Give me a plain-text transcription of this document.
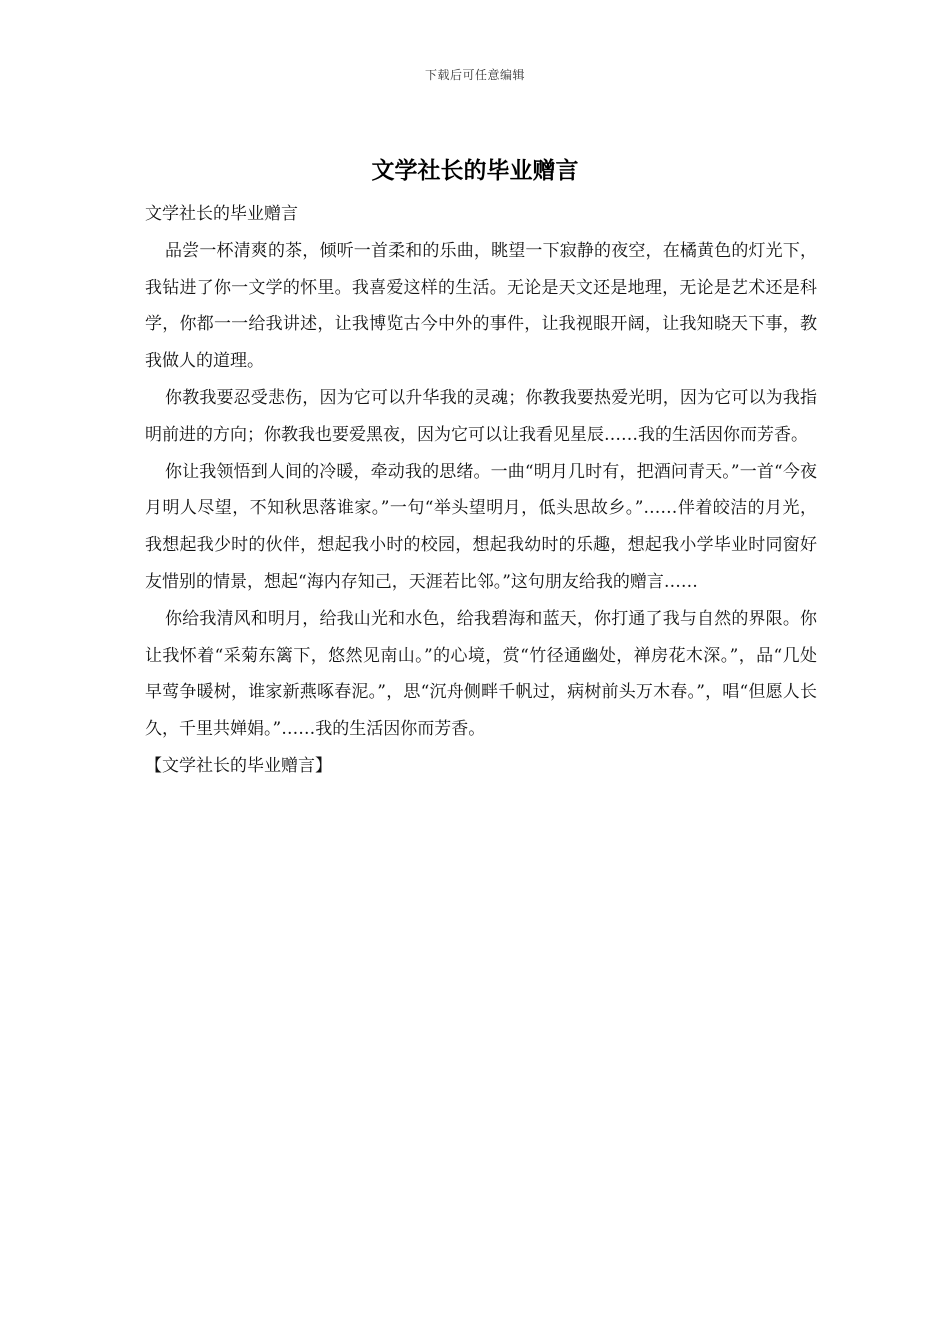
下载后可任意编辑
文学社长的毕业赠言

文学社长的毕业赠言

品尝一杯清爽的茶，倾听一首柔和的乐曲，眺望一下寂静的夜空，在橘黄色的灯光下，我钻进了你一文学的怀里。我喜爱这样的生活。无论是天文还是地理，无论是艺术还是科学，你都一一给我讲述，让我博览古今中外的事件，让我视眼开阔，让我知晓天下事，教我做人的道理。

你教我要忍受悲伤，因为它可以升华我的灵魂；你教我要热爱光明，因为它可以为我指明前进的方向；你教我也要爱黑夜，因为它可以让我看见星辰……我的生活因你而芳香。

你让我领悟到人间的冷暖，牵动我的思绪。一曲“明月几时有，把酒问青天。”一首“今夜月明人尽望，不知秋思落谁家。”一句“举头望明月，低头思故乡。”……伴着皎洁的月光，我想起我少时的伙伴，想起我小时的校园，想起我幼时的乐趣，想起我小学毕业时同窗好友惜别的情景，想起“海内存知己，天涯若比邻。”这句朋友给我的赠言……

你给我清风和明月，给我山光和水色，给我碧海和蓝天，你打通了我与自然的界限。你让我怀着“采菊东篱下，悠然见南山。”的心境，赏“竹径通幽处，禅房花木深。”，品“几处早莺争暖树，谁家新燕啄春泥。”，思“沉舟侧畔千帆过，病树前头万木春。”，唱“但愿人长久，千里共婵娟。”……我的生活因你而芳香。

【文学社长的毕业赠言】
